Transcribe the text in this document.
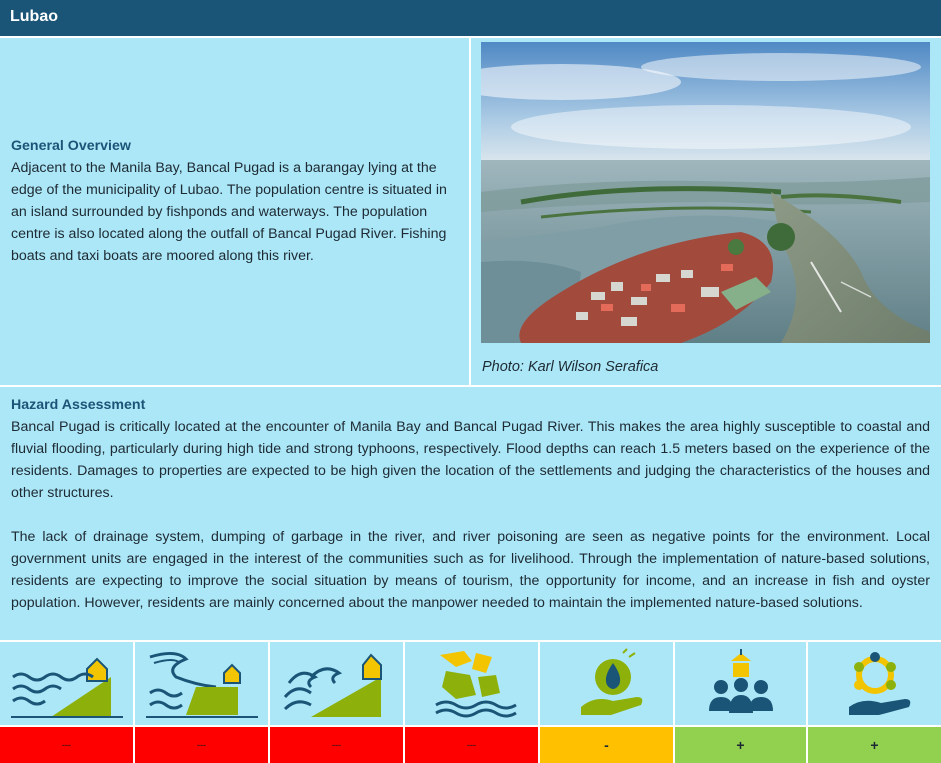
Lubao
General Overview
Adjacent to the Manila Bay, Bancal Pugad is a barangay lying at the edge of the municipality of Lubao. The population centre is situated in an island surrounded by fishponds and waterways. The population centre is also located along the outfall of Bancal Pugad River. Fishing boats and taxi boats are moored along this river.
Photo: Karl Wilson Serafica
Hazard Assessment

Bancal Pugad is critically located at the encounter of Manila Bay and Bancal Pugad River. This makes the area highly susceptible to coastal and fluvial flooding, particularly during high tide and strong typhoons, respectively. Flood depths can reach 1.5 meters based on the experience of the residents. Damages to properties are expected to be high given the location of the settlements and judging the characteristics of the houses and other structures.

The lack of drainage system, dumping of garbage in the river, and river poisoning are seen as negative points for the environment. Local government units are engaged in the interest of the communities such as for livelihood. Through the implementation of nature-based solutions, residents are expecting to improve the social situation by means of tourism, the opportunity for income, and an increase in fish and oyster population. However, residents are mainly concerned about the manpower needed to maintain the implemented nature-based solutions.

---	---	---	---	-	+	+
